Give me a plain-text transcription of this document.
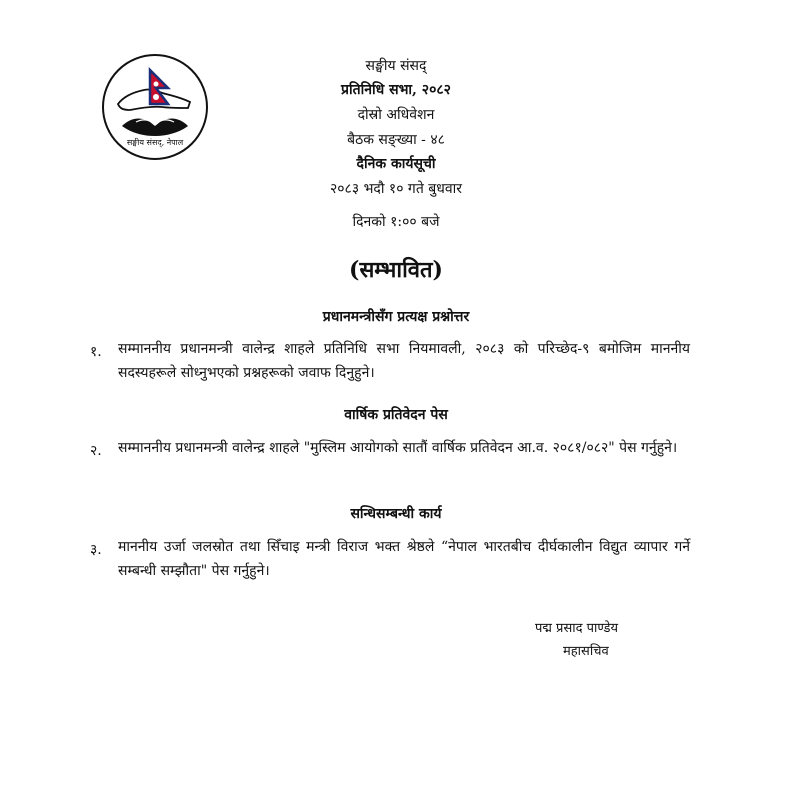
सङ्घीय संसद्, नेपाल
सङ्घीय संसद्
प्रतिनिधि सभा, २०८२
दोस्रो अधिवेशन
बैठक सङ्ख्या - ४८
दैनिक कार्यसूची
२०८३ भदौ १० गते बुधवार
दिनको १:०० बजे
(सम्भावित)
प्रधानमन्त्रीसँग प्रत्यक्ष प्रश्नोत्तर
१. सम्माननीय प्रधानमन्त्री वालेन्द्र शाहले प्रतिनिधि सभा नियमावली, २०८३ को परिच्छेद-९ बमोजिम माननीय सदस्यहरूले सोध्नुभएको प्रश्नहरूको जवाफ दिनुहुने।
वार्षिक प्रतिवेदन पेस
२. सम्माननीय प्रधानमन्त्री वालेन्द्र शाहले "मुस्लिम आयोगको सातौं वार्षिक प्रतिवेदन आ.व. २०८१/०८२" पेस गर्नुहुने।
सन्धिसम्बन्धी कार्य
३. माननीय उर्जा जलस्रोत तथा सिँचाइ मन्त्री विराज भक्त श्रेष्ठले “नेपाल भारतबीच दीर्घकालीन विद्युत व्यापार गर्ने सम्बन्धी सम्झौता" पेस गर्नुहुने।
पद्म प्रसाद पाण्डेय
महासचिव
